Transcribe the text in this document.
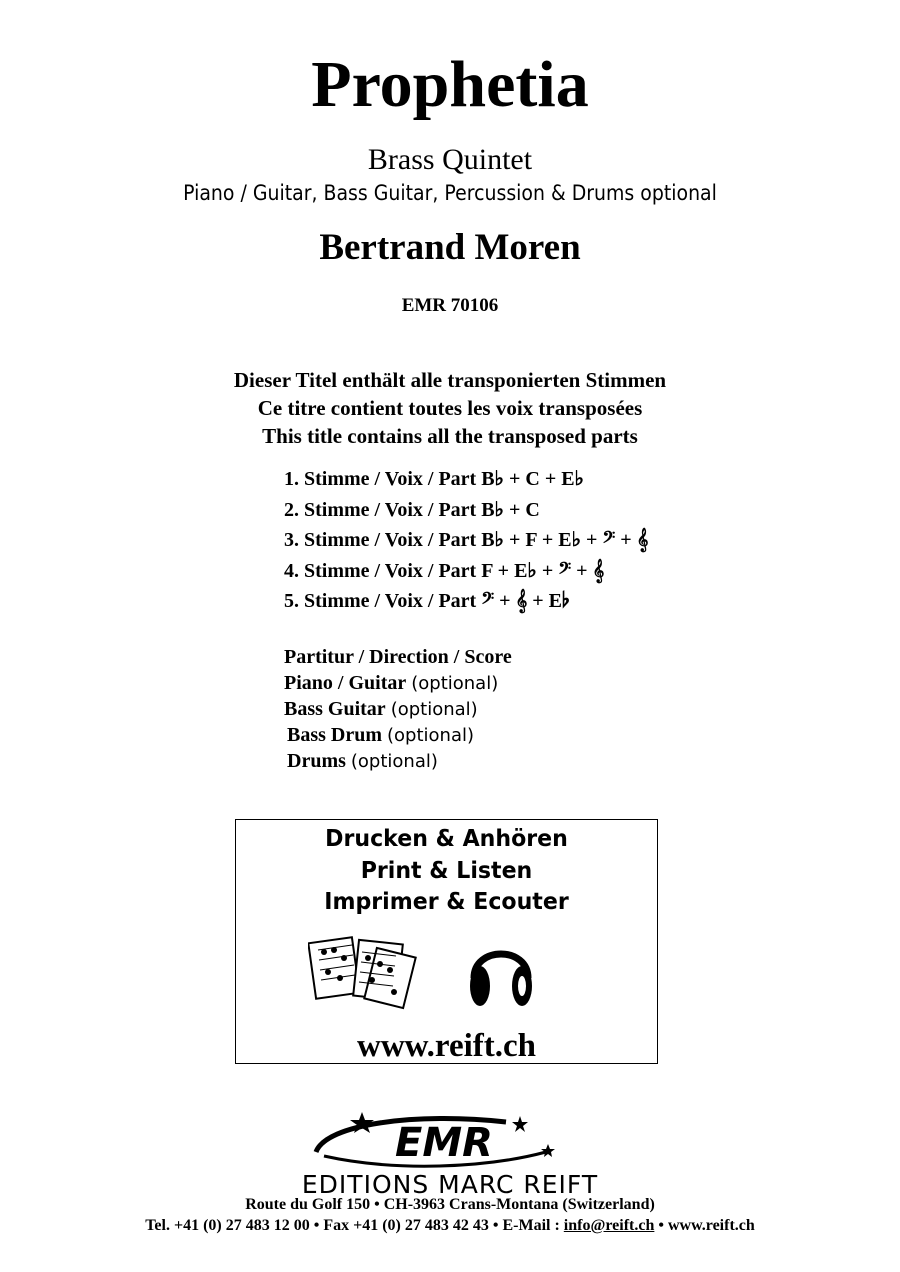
Prophetia
Brass Quintet
Piano / Guitar, Bass Guitar, Percussion & Drums optional
Bertrand Moren
EMR 70106
Dieser Titel enthält alle transponierten Stimmen
Ce titre contient toutes les voix transposées
This title contains all the transposed parts
1. Stimme / Voix / Part B♭ + C + E♭
2. Stimme / Voix / Part B♭ + C
3. Stimme / Voix / Part B♭ + F + E♭ + 𝄢 + 𝄞
4. Stimme / Voix / Part F + E♭ + 𝄢 + 𝄞
5. Stimme / Voix / Part 𝄢 + 𝄞 + E♭
Partitur / Direction / Score
Piano / Guitar (optional)
Bass Guitar (optional)
Bass Drum (optional)
Drums (optional)
Drucken & Anhören
Print & Listen
Imprimer & Ecouter
www.reift.ch
EMR
EDITIONS MARC REIFT
Route du Golf 150 • CH-3963 Crans-Montana (Switzerland)
Tel. +41 (0) 27 483 12 00 • Fax +41 (0) 27 483 42 43 • E-Mail : info@reift.ch • www.reift.ch
